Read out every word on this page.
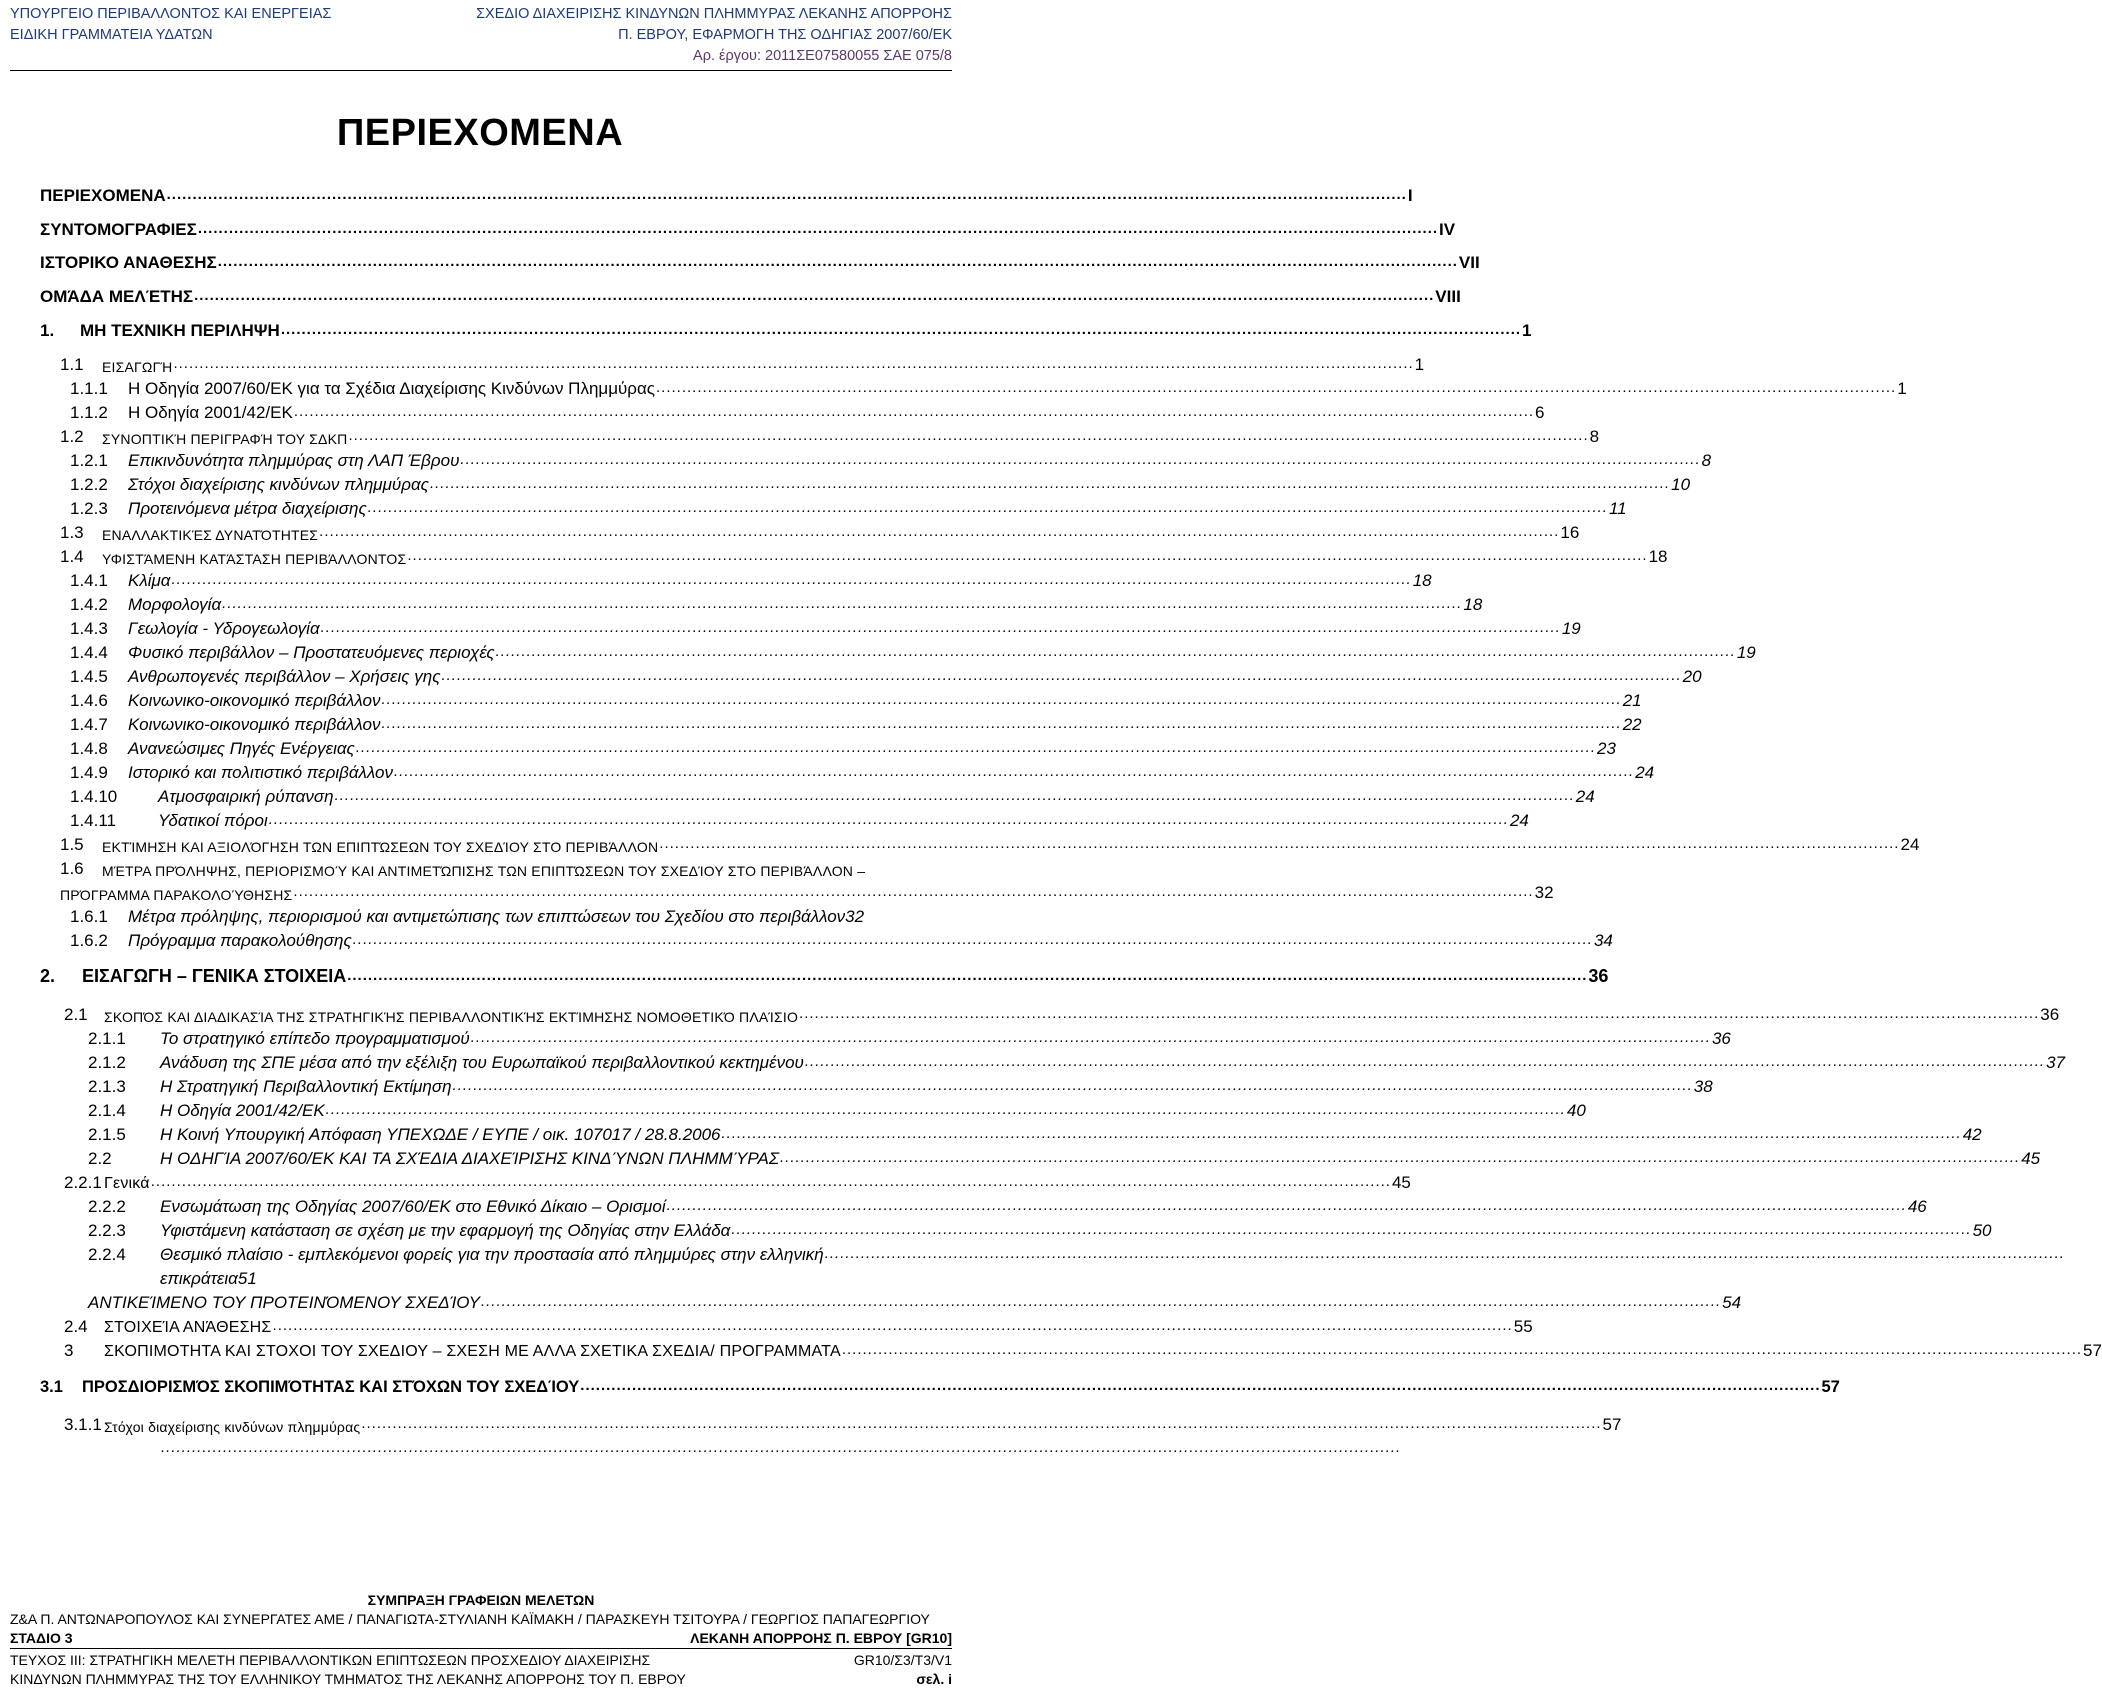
ΥΠΟΥΡΓΕΙΟ ΠΕΡΙΒΑΛΛΟΝΤΟΣ ΚΑΙ ΕΝΕΡΓΕΙΑΣ
ΕΙΔΙΚΗ ΓΡΑΜΜΑΤΕΙΑ ΥΔΑΤΩΝ
ΣΧΕΔΙΟ ΔΙΑΧΕΙΡΙΣΗΣ ΚΙΝΔΥΝΩΝ ΠΛΗΜΜΥΡΑΣ ΛΕΚΑΝΗΣ ΑΠΟΡΡΟΗΣ
Π. ΕΒΡΟΥ, ΕΦΑΡΜΟΓΗ ΤΗΣ ΟΔΗΓΙΑΣ 2007/60/ΕΚ
Αρ. έργου: 2011ΣΕ07580055 ΣΑΕ 075/8
ΠΕΡΙΕΧΟΜΕΝΑ
ΠΕΡΙΕΧΟΜΕΝΑ .....	I
ΣΥΝΤΟΜΟΓΡΑΦΙΕΣ .....	IV
ΙΣΤΟΡΙΚΟ ΑΝΑΘΕΣΗΣ .....	VII
ΟΜΆΔΑ ΜΕΛΈΤΗΣ .....	VIII
1.	ΜΗ ΤΕΧΝΙΚΗ ΠΕΡΙΛΗΨΗ .....	1
1.1	ΕΙΣΑΓΩΓΉ .....	1
1.1.1	Η Οδηγία 2007/60/ΕΚ για τα Σχέδια Διαχείρισης Κινδύνων Πλημμύρας .....	1
1.1.2	Η Οδηγία 2001/42/ΕΚ .....	6
1.2	ΣΥΝΟΠΤΙΚΉ ΠΕΡΙΓΡΑΦΉ ΤΟΥ ΣΔΚΠ .....	8
1.2.1	Επικινδυνότητα πλημμύρας στη ΛΑΠ Έβρου .....	8
1.2.2	Στόχοι διαχείρισης κινδύνων πλημμύρας .....	10
1.2.3	Προτεινόμενα μέτρα διαχείρισης .....	11
1.3	ΕΝΑΛΛΑΚΤΙΚΈΣ ΔΥΝΑΤΌΤΗΤΕΣ .....	16
1.4	ΥΦΙΣΤΆΜΕΝΗ ΚΑΤΆΣΤΑΣΗ ΠΕΡΙΒΆΛΛΟΝΤΟΣ .....	18
1.4.1	Κλίμα .....	18
1.4.2	Μορφολογία .....	18
1.4.3	Γεωλογία - Υδρογεωλογία .....	19
1.4.4	Φυσικό περιβάλλον – Προστατευόμενες περιοχές .....	19
1.4.5	Ανθρωπογενές περιβάλλον – Χρήσεις γης .....	20
1.4.6	Κοινωνικο-οικονομικό περιβάλλον .....	21
1.4.7	Κοινωνικο-οικονομικό περιβάλλον .....	22
1.4.8	Ανανεώσιμες Πηγές Ενέργειας .....	23
1.4.9	Ιστορικό και πολιτιστικό περιβάλλον .....	24
1.4.10	Ατμοσφαιρική ρύπανση .....	24
1.4.11	Υδατικοί πόροι .....	24
1.5	ΕΚΤΊΜΗΣΗ ΚΑΙ ΑΞΙΟΛΌΓΗΣΗ ΤΩΝ ΕΠΙΠΤΏΣΕΩΝ ΤΟΥ ΣΧΕΔΊΟΥ ΣΤΟ ΠΕΡΙΒΆΛΛΟΝ .....	24
1.6	ΜΈΤΡΑ ΠΡΌΛΗΨΗΣ, ΠΕΡΙΟΡΙΣΜΟΎ ΚΑΙ ΑΝΤΙΜΕΤΏΠΙΣΗΣ ΤΩΝ ΕΠΙΠΤΏΣΕΩΝ ΤΟΥ ΣΧΕΔΊΟΥ ΣΤΟ ΠΕΡΙΒΆΛΛΟΝ –
ΠΡΌΓΡΑΜΜΑ ΠΑΡΑΚΟΛΟΎΘΗΣΗΣ .....	32
1.6.1	Μέτρα πρόληψης, περιορισμού και αντιμετώπισης των επιπτώσεων του Σχεδίου στο περιβάλλον 32
1.6.2	Πρόγραμμα παρακολούθησης .....	34
2.	ΕΙΣΑΓΩΓΗ – ΓΕΝΙΚΑ ΣΤΟΙΧΕΙΑ .....	36
2.1	ΣΚΟΠΌΣ ΚΑΙ ΔΙΑΔΙΚΑΣΊΑ ΤΗΣ ΣΤΡΑΤΗΓΙΚΉΣ ΠΕΡΙΒΑΛΛΟΝΤΙΚΉΣ ΕΚΤΊΜΗΣΗΣ ΝΟΜΟΘΕΤΙΚΌ ΠΛΑΊΣΙΟ .....	36
2.1.1	Το στρατηγικό επίπεδο προγραμματισμού .....	36
2.1.2	Ανάδυση της ΣΠΕ μέσα από την εξέλιξη του Ευρωπαϊκού περιβαλλοντικού κεκτημένου .....	37
2.1.3	Η Στρατηγική Περιβαλλοντική Εκτίμηση .....	38
2.1.4	Η Οδηγία 2001/42/ΕΚ .....	40
2.1.5	Η Κοινή Υπουργική Απόφαση ΥΠΕΧΩΔΕ / ΕΥΠΕ / οικ. 107017 / 28.8.2006 .....	42
2.2	Η ΟΔΗΓΊΑ 2007/60/ΕΚ ΚΑΙ ΤΑ ΣΧΈΔΙΑ ΔΙΑΧΕΊΡΙΣΗΣ ΚΙΝΔΎΝΩΝ ΠΛΗΜΜΎΡΑΣ .....	45
2.2.1 Γενικά .....	45
2.2.2	Ενσωμάτωση της Οδηγίας 2007/60/ΕΚ στο Εθνικό Δίκαιο – Ορισμοί .....	46
2.2.3	Υφιστάμενη κατάσταση σε σχέση με την εφαρμογή της Οδηγίας στην Ελλάδα .....	50
2.2.4	Θεσμικό πλαίσιο - εμπλεκόμενοι φορείς για την προστασία από πλημμύρες στην ελληνική
.....
επικράτεια 51
ΑΝΤΙΚΕΊΜΕΝΟ ΤΟΥ ΠΡΟΤΕΙΝΌΜΕΝΟΥ ΣΧΕΔΊΟΥ .....	54
2.4	ΣΤΟΙΧΕΊΑ ΑΝΆΘΕΣΗΣ .....	55
3	ΣΚΟΠΙΜΟΤΗΤΑ ΚΑΙ ΣΤΟΧΟΙ ΤΟΥ ΣΧΕΔΙΟΥ – ΣΧΕΣΗ ΜΕ ΑΛΛΑ ΣΧΕΤΙΚΑ ΣΧΕΔΙΑ/ ΠΡΟΓΡΑΜΜΑΤΑ .....	57
3.1	ΠΡΟΣΔΙΟΡΙΣΜΌΣ ΣΚΟΠΙΜΌΤΗΤΑΣ ΚΑΙ ΣΤΌΧΩΝ ΤΟΥ ΣΧΕΔΊΟΥ .....	57
3.1.1 Στόχοι διαχείρισης κινδύνων πλημμύρας .....	57
.....
ΣΥΜΠΡΑΞΗ ΓΡΑΦΕΙΩΝ ΜΕΛΕΤΩΝ
Ζ&Α Π. ΑΝΤΩΝΑΡΟΠΟΥΛΟΣ ΚΑΙ ΣΥΝΕΡΓΑΤΕΣ ΑΜΕ / ΠΑΝΑΓΙΩΤΑ-ΣΤΥΛΙΑΝΗ ΚΑΪΜΑΚΗ / ΠΑΡΑΣΚΕΥΗ ΤΣΙΤΟΥΡΑ / ΓΕΩΡΓΙΟΣ ΠΑΠΑΓΕΩΡΓΙΟΥ
ΣΤΑΔΙΟ 3	ΛΕΚΑΝΗ ΑΠΟΡΡΟΗΣ Π. ΕΒΡΟΥ [GR10]
ΤΕΥΧΟΣ ΙΙΙ: ΣΤΡΑΤΗΓΙΚΗ ΜΕΛΕΤΗ ΠΕΡΙΒΑΛΛΟΝΤΙΚΩΝ ΕΠΙΠΤΩΣΕΩΝ ΠΡΟΣΧΕΔΙΟΥ ΔΙΑΧΕΙΡΙΣΗΣ
ΚΙΝΔΥΝΩΝ ΠΛΗΜΜΥΡΑΣ ΤΗΣ ΤΟΥ ΕΛΛΗΝΙΚΟΥ ΤΜΗΜΑΤΟΣ ΤΗΣ ΛΕΚΑΝΗΣ ΑΠΟΡΡΟΗΣ ΤΟΥ Π. ΕΒΡΟΥ
GR10/Σ3/Τ3/V1
σελ. i
